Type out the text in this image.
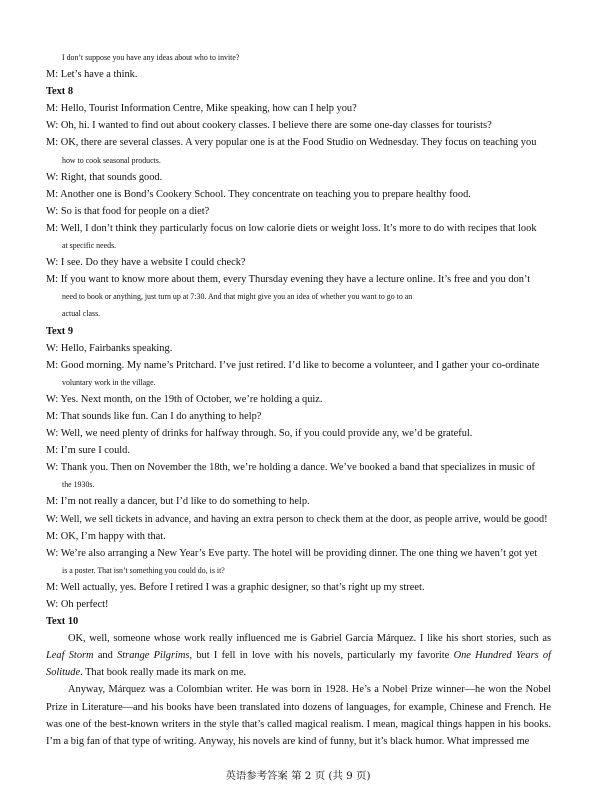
I don’t suppose you have any ideas about who to invite?
M: Let’s have a think.
Text 8
M: Hello, Tourist Information Centre, Mike speaking, how can I help you?
W: Oh, hi. I wanted to find out about cookery classes. I believe there are some one-day classes for tourists?
M: OK, there are several classes. A very popular one is at the Food Studio on Wednesday. They focus on teaching you
how to cook seasonal products.
W: Right, that sounds good.
M: Another one is Bond’s Cookery School. They concentrate on teaching you to prepare healthy food.
W: So is that food for people on a diet?
M: Well, I don’t think they particularly focus on low calorie diets or weight loss. It’s more to do with recipes that look
at specific needs.
W: I see. Do they have a website I could check?
M: If you want to know more about them, every Thursday evening they have a lecture online. It’s free and you don’t
need to book or anything, just turn up at 7:30. And that might give you an idea of whether you want to go to an
actual class.
Text 9
W: Hello, Fairbanks speaking.
M: Good morning. My name’s Pritchard. I’ve just retired. I’d like to become a volunteer, and I gather your co-ordinate
voluntary work in the village.
W: Yes. Next month, on the 19th of October, we’re holding a quiz.
M: That sounds like fun. Can I do anything to help?
W: Well, we need plenty of drinks for halfway through. So, if you could provide any, we’d be grateful.
M: I’m sure I could.
W: Thank you. Then on November the 18th, we’re holding a dance. We’ve booked a band that specializes in music of
the 1930s.
M: I’m not really a dancer, but I’d like to do something to help.
W: Well, we sell tickets in advance, and having an extra person to check them at the door, as people arrive, would be good!
M: OK, I’m happy with that.
W: We’re also arranging a New Year’s Eve party. The hotel will be providing dinner. The one thing we haven’t got yet
is a poster. That isn’t something you could do, is it?
M: Well actually, yes. Before I retired I was a graphic designer, so that’s right up my street.
W: Oh perfect!
Text 10
OK, well, someone whose work really influenced me is Gabriel García Márquez. I like his short stories, such as Leaf Storm and Strange Pilgrims, but I fell in love with his novels, particularly my favorite One Hundred Years of Solitude. That book really made its mark on me.
Anyway, Márquez was a Colombian writer. He was born in 1928. He’s a Nobel Prize winner—he won the Nobel Prize in Literature—and his books have been translated into dozens of languages, for example, Chinese and French. He was one of the best-known writers in the style that’s called magical realism. I mean, magical things happen in his books. I’m a big fan of that type of writing. Anyway, his novels are kind of funny, but it’s black humor. What impressed me
英语参考答案 第 2 页 (共 9 页)
